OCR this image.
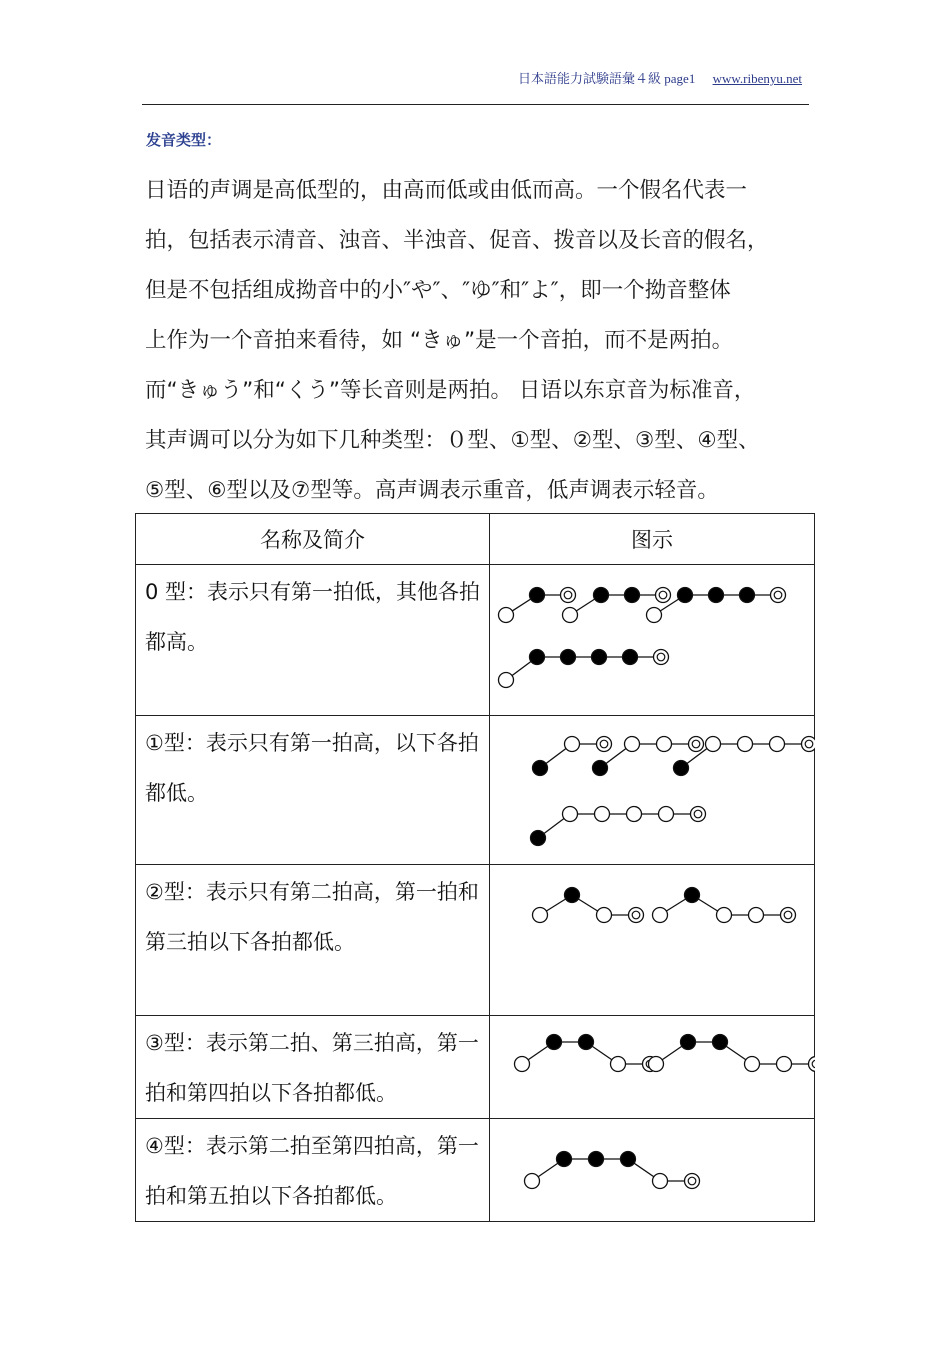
日本語能力試験語彙４級 page1 www.ribenyu.net
发音类型：

日语的声调是高低型的，由高而低或由低而高。一个假名代表一

拍，包括表示清音、浊音、半浊音、促音、拨音以及长音的假名，

但是不包括组成拗音中的小″や″、″ゆ″和″よ″，即一个拗音整体

上作为一个音拍来看待，如 “きゅ”是一个音拍，而不是两拍。

而“きゅう”和“くう”等长音则是两拍。 日语以东京音为标准音，

其声调可以分为如下几种类型：０型、①型、②型、③型、④型、

⑤型、⑥型以及⑦型等。高声调表示重音，低声调表示轻音。

名称及简介	图示

0 型：表示只有第一拍低，其他各拍都高。

①型：表示只有第一拍高，以下各拍都低。

②型：表示只有第二拍高，第一拍和第三拍以下各拍都低。

③型：表示第二拍、第三拍高，第一拍和第四拍以下各拍都低。

④型：表示第二拍至第四拍高，第一拍和第五拍以下各拍都低。
